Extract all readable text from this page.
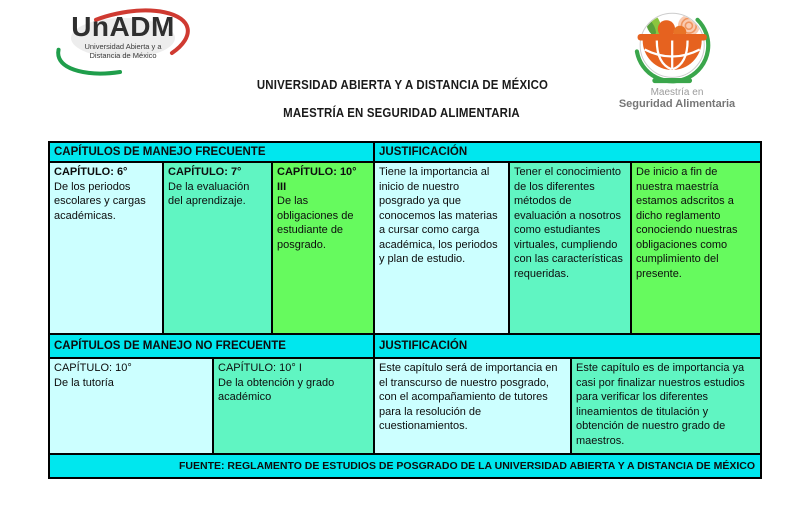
UnADM
Universidad Abierta y a
Distancia de México
UNIVERSIDAD ABIERTA Y A DISTANCIA DE MÉXICO
MAESTRÍA EN SEGURIDAD ALIMENTARIA
Maestría en
Seguridad Alimentaria
CAPÍTULOS DE MANEJO FRECUENTE	JUSTIFICACIÓN
CAPÍTULO: 6°
De los periodos escolares y cargas académicas.
CAPÍTULO: 7°
De la evaluación del aprendizaje.
CAPÍTULO: 10° III
De las obligaciones de estudiante de posgrado.
Tiene la importancia al inicio de nuestro posgrado ya que conocemos las materias a cursar como carga académica, los periodos y plan de estudio.
Tener el conocimiento de los diferentes métodos de evaluación a nosotros como estudiantes virtuales, cumpliendo con las características requeridas.
De inicio a fin de nuestra maestría estamos adscritos a dicho reglamento conociendo nuestras obligaciones como cumplimiento del presente.
CAPÍTULOS DE MANEJO NO FRECUENTE	JUSTIFICACIÓN
CAPÍTULO: 10°
De la tutoría
CAPÍTULO: 10° I
De la obtención y grado académico
Este capítulo será de importancia en el transcurso de nuestro posgrado, con el acompañamiento de tutores para la resolución de cuestionamientos.
Este capítulo es de importancia ya casi por finalizar nuestros estudios para verificar los diferentes lineamientos de titulación y obtención de nuestro grado de maestros.
FUENTE: REGLAMENTO DE ESTUDIOS DE POSGRADO DE LA UNIVERSIDAD ABIERTA Y A DISTANCIA DE MÉXICO
